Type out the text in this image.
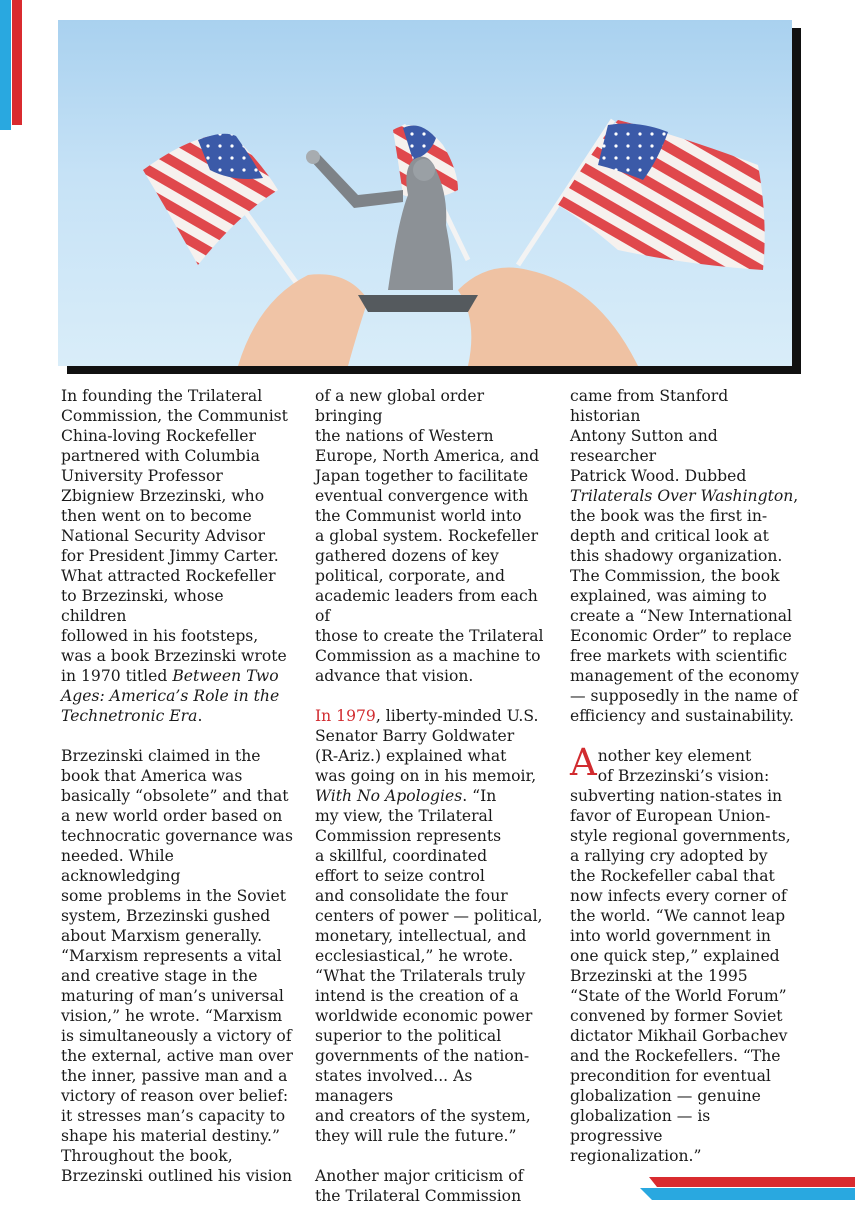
In founding the Trilateral
Commission, the Communist
China-loving Rockefeller
partnered with Columbia
University Professor
Zbigniew Brzezinski, who
then went on to become
National Security Advisor
for President Jimmy Carter.
What attracted Rockefeller
to Brzezinski, whose children
followed in his footsteps,
was a book Brzezinski wrote
in 1970 titled Between Two
Ages: America’s Role in the
Technetronic Era.

Brzezinski claimed in the
book that America was
basically “obsolete” and that
a new world order based on
technocratic governance was
needed. While acknowledging
some problems in the Soviet
system, Brzezinski gushed
about Marxism generally.
“Marxism represents a vital
and creative stage in the
maturing of man’s universal
vision,” he wrote. “Marxism
is simultaneously a victory of
the external, active man over
the inner, passive man and a
victory of reason over belief:
it stresses man’s capacity to
shape his material destiny.”
Throughout the book,
Brzezinski outlined his vision

of a new global order bringing
the nations of Western
Europe, North America, and
Japan together to facilitate
eventual convergence with
the Communist world into
a global system. Rockefeller
gathered dozens of key
political, corporate, and
academic leaders from each of
those to create the Trilateral
Commission as a machine to
advance that vision.

In 1979, liberty-minded U.S.
Senator Barry Goldwater
(R-Ariz.) explained what
was going on in his memoir,
With No Apologies. “In
my view, the Trilateral
Commission represents
a skillful, coordinated
effort to seize control
and consolidate the four
centers of power — political,
monetary, intellectual, and
ecclesiastical,” he wrote.
“What the Trilaterals truly
intend is the creation of a
worldwide economic power
superior to the political
governments of the nation-
states involved... As managers
and creators of the system,
they will rule the future.”

Another major criticism of
the Trilateral Commission

came from Stanford historian
Antony Sutton and researcher
Patrick Wood. Dubbed
Trilaterals Over Washington,
the book was the first in-
depth and critical look at
this shadowy organization.
The Commission, the book
explained, was aiming to
create a “New International
Economic Order” to replace
free markets with scientific
management of the economy
— supposedly in the name of
efficiency and sustainability.

Another key element
of Brzezinski’s vision:
subverting nation-states in
favor of European Union-
style regional governments,
a rallying cry adopted by
the Rockefeller cabal that
now infects every corner of
the world. “We cannot leap
into world government in
one quick step,” explained
Brzezinski at the 1995
“State of the World Forum”
convened by former Soviet
dictator Mikhail Gorbachev
and the Rockefellers. “The
precondition for eventual
globalization — genuine
globalization — is progressive
regionalization.”
